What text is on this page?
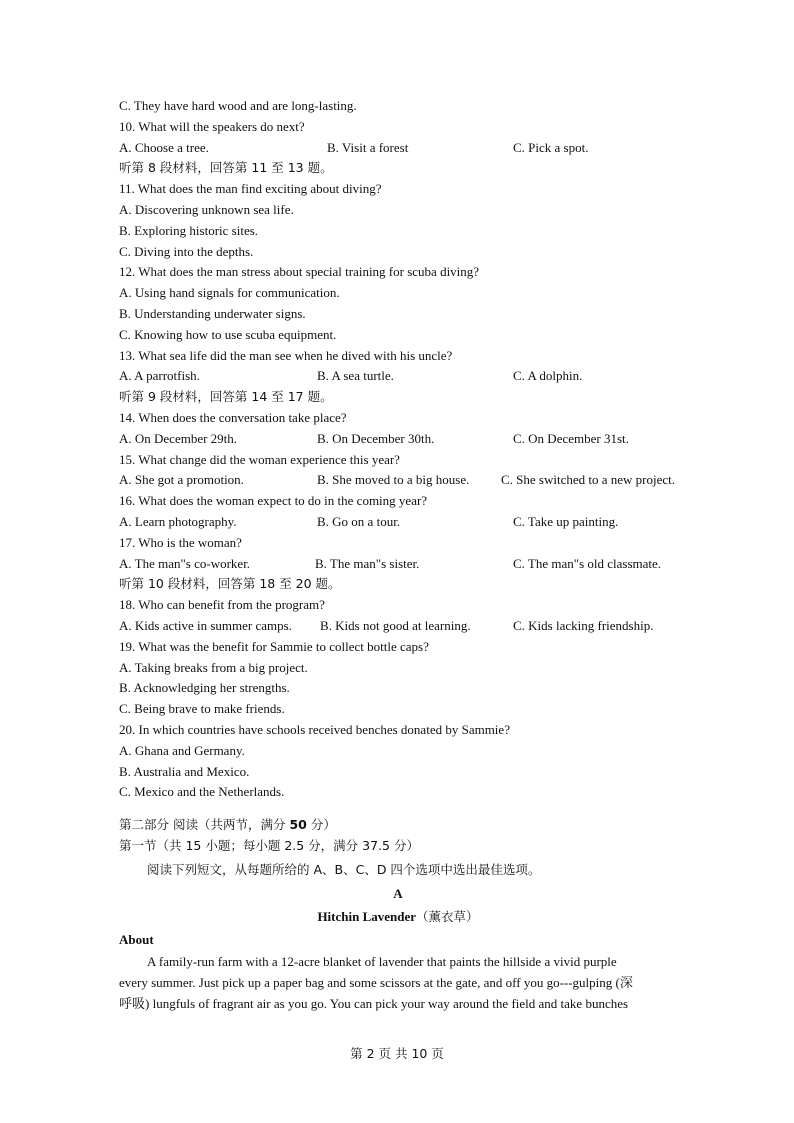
C. They have hard wood and are long-lasting.
10. What will the speakers do next?
A. Choose a tree.	B. Visit a forest	C. Pick a spot.
听第 8 段材料，回答第 11 至 13 题。
11. What does the man find exciting about diving?
A. Discovering unknown sea life.
B. Exploring historic sites.
C. Diving into the depths.
12. What does the man stress about special training for scuba diving?
A. Using hand signals for communication.
B. Understanding underwater signs.
C. Knowing how to use scuba equipment.
13. What sea life did the man see when he dived with his uncle?
A. A parrotfish.	B. A sea turtle.	C. A dolphin.
听第 9 段材料，回答第 14 至 17 题。
14. When does the conversation take place?
A. On December 29th.	B. On December 30th.	C. On December 31st.
15. What change did the woman experience this year?
A. She got a promotion.	B. She moved to a big house.	C. She switched to a new project.
16. What does the woman expect to do in the coming year?
A. Learn photography.	B. Go on a tour.	C. Take up painting.
17. Who is the woman?
A. The man"s co-worker.	B. The man"s sister.	C. The man"s old classmate.
听第 10 段材料，回答第 18 至 20 题。
18. Who can benefit from the program?
A. Kids active in summer camps.	B. Kids not good at learning.	C. Kids lacking friendship.
19. What was the benefit for Sammie to collect bottle caps?
A. Taking breaks from a big project.
B. Acknowledging her strengths.
C. Being brave to make friends.
20. In which countries have schools received benches donated by Sammie?
A. Ghana and Germany.
B. Australia and Mexico.
C. Mexico and the Netherlands.
第二部分 阅读（共两节，满分 50 分）
第一节（共 15 小题；每小题 2.5 分，满分 37.5 分）
阅读下列短文，从每题所给的 A、B、C、D 四个选项中选出最佳选项。
A
Hitchin Lavender（薰衣草）
About
A family-run farm with a 12-acre blanket of lavender that paints the hillside a vivid purple
every summer. Just pick up a paper bag and some scissors at the gate, and off you go---gulping (深
呼吸) lungfuls of fragrant air as you go. You can pick your way around the field and take bunches
第 2 页 共 10 页
